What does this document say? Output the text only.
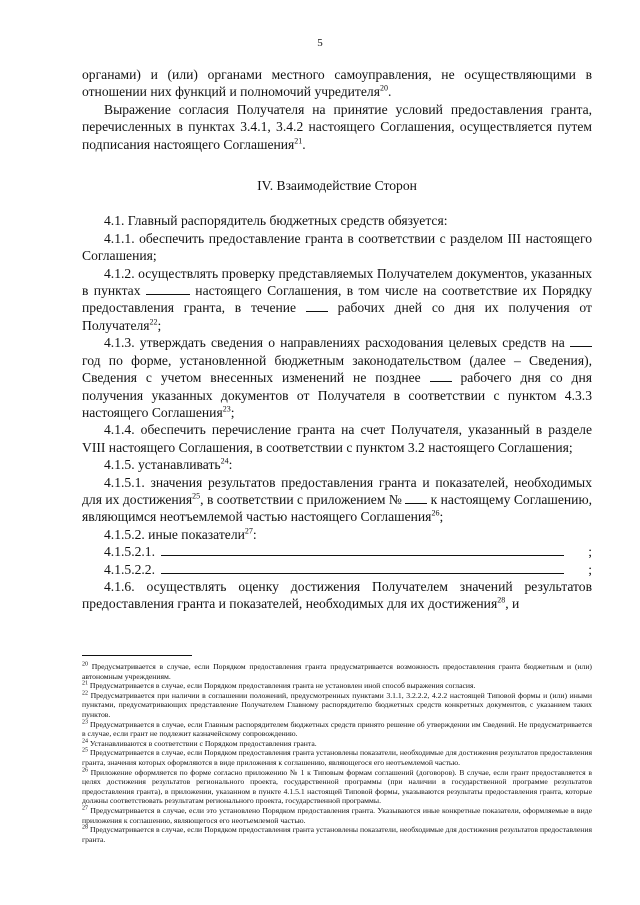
5

органами) и (или) органами местного самоуправления, не осуществляющими в отношении них функций и полномочий учредителя$^{20}$.

Выражение согласия Получателя на принятие условий предоставления гранта, перечисленных в пунктах 3.4.1, 3.4.2 настоящего Соглашения, осуществляется путем подписания настоящего Соглашения$^{21}$.

IV. Взаимодействие Сторон

4.1. Главный распорядитель бюджетных средств обязуется:

4.1.1. обеспечить предоставление гранта в соответствии с разделом III настоящего Соглашения;

4.1.2. осуществлять проверку представляемых Получателем документов, указанных в пунктах	настоящего Соглашения, в том числе на соответствие их Порядку предоставления гранта, в течение	рабочих дней со дня их получения от Получателя$^{22}$;

4.1.3. утверждать сведения о направлениях расходования целевых средств на  год по форме, установленной бюджетным законодательством (далее – Сведения), Сведения с учетом внесенных изменений не позднее	рабочего дня со дня получения указанных документов от Получателя в соответствии с пунктом 4.3.3 настоящего Соглашения$^{23}$;

4.1.4. обеспечить перечисление гранта на счет Получателя, указанный в разделе VIII настоящего Соглашения, в соответствии с пунктом 3.2 настоящего Соглашения;

4.1.5. устанавливать$^{24}$:

4.1.5.1. значения результатов предоставления гранта и показателей, необходимых для их достижения$^{25}$, в соответствии с приложением № к настоящему Соглашению, являющимся неотъемлемой частью настоящего Соглашения$^{26}$;

4.1.5.2. иные показатели$^{27}$:

4.1.5.2.1.	;

4.1.5.2.2.	;

4.1.6. осуществлять оценку достижения Получателем значений результатов предоставления гранта и показателей, необходимых для их достижения$^{28}$, и

$^{20}$ Предусматривается в случае, если Порядком предоставления гранта предусматривается возможность предоставления гранта бюджетным и (или) автономным учреждениям.

$^{21}$ Предусматривается в случае, если Порядком предоставления гранта не установлен иной способ выражения согласия.

$^{22}$ Предусматривается при наличии в соглашении положений, предусмотренных пунктами 3.1.1, 3.2.2.2, 4.2.2 настоящей Типовой формы и (или) иными пунктами, предусматривающих представление Получателем Главному распорядителю бюджетных средств конкретных документов, с указанием таких пунктов.

$^{23}$ Предусматривается в случае, если Главным распорядителем бюджетных средств принято решение об утверждении им Сведений. Не предусматривается в случае, если грант не подлежит казначейскому сопровождению.

$^{24}$ Устанавливаются в соответствии с Порядком предоставления гранта.

$^{25}$ Предусматривается в случае, если Порядком предоставления гранта установлены показатели, необходимые для достижения результатов предоставления гранта, значения которых оформляются в виде приложения к соглашению, являющегося его неотъемлемой частью.

$^{26}$ Приложение оформляется по форме согласно приложению № 1 к Типовым формам соглашений (договоров). В случае, если грант предоставляется в целях достижения результатов регионального проекта, государственной программы (при наличии в государственной программе результатов предоставления гранта), в приложении, указанном в пункте 4.1.5.1 настоящей Типовой формы, указываются результаты предоставления гранта, которые должны соответствовать результатам регионального проекта, государственной программы.

$^{27}$ Предусматривается в случае, если это установлено Порядком предоставления гранта. Указываются иные конкретные показатели, оформляемые в виде приложения к соглашению, являющегося его неотъемлемой частью.

$^{28}$ Предусматривается в случае, если Порядком предоставления гранта установлены показатели, необходимые для достижения результатов предоставления гранта.
